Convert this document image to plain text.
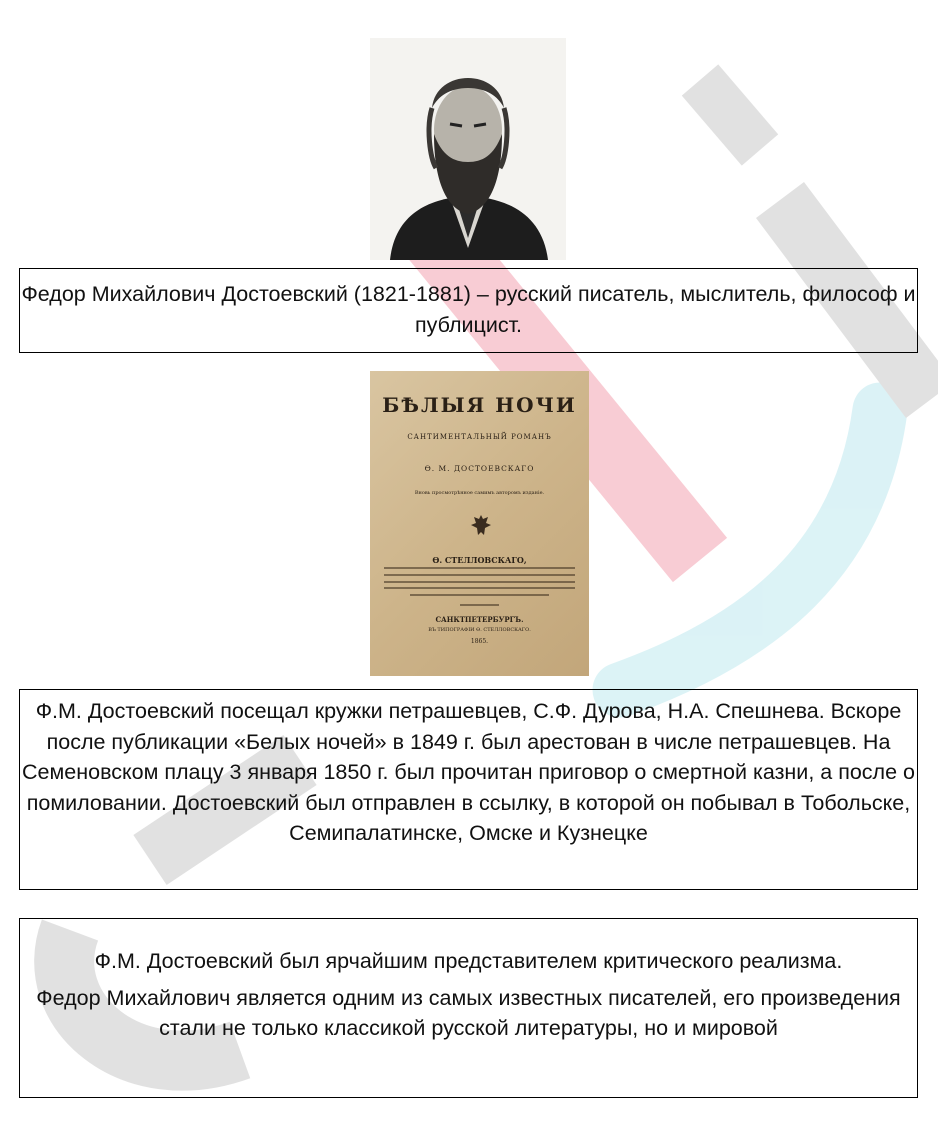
Федор Михайлович Достоевский (1821-1881) – русский писатель, мыслитель, философ и публицист.
БѢЛЫЯ НОЧИ
САНТИМЕНТАЛЬНЫЙ РОМАНЪ
Ѳ. М. ДОСТОЕВСКАГО
Вновь просмотрѣнное самимъ авторомъ изданіе.
Ѳ. СТЕЛЛОВСКАГО,
САНКТПЕТЕРБУРГЪ.
ВЪ ТИПОГРАФІИ Ѳ. СТЕЛЛОВСКАГО.
1865.
Ф.М. Достоевский посещал кружки петрашевцев, С.Ф. Дурова, Н.А. Спешнева. Вскоре после публикации «Белых ночей» в 1849 г. был арестован в числе петрашевцев. На Семеновском плацу 3 января 1850 г. был прочитан приговор о смертной казни, а после о помиловании. Достоевский был отправлен в ссылку, в которой он побывал в Тобольске, Семипалатинске, Омске и Кузнецке

Ф.М. Достоевский был ярчайшим представителем критического реализма.

Федор Михайлович является одним из самых известных писателей, его произведения стали не только классикой русской литературы, но и мировой
